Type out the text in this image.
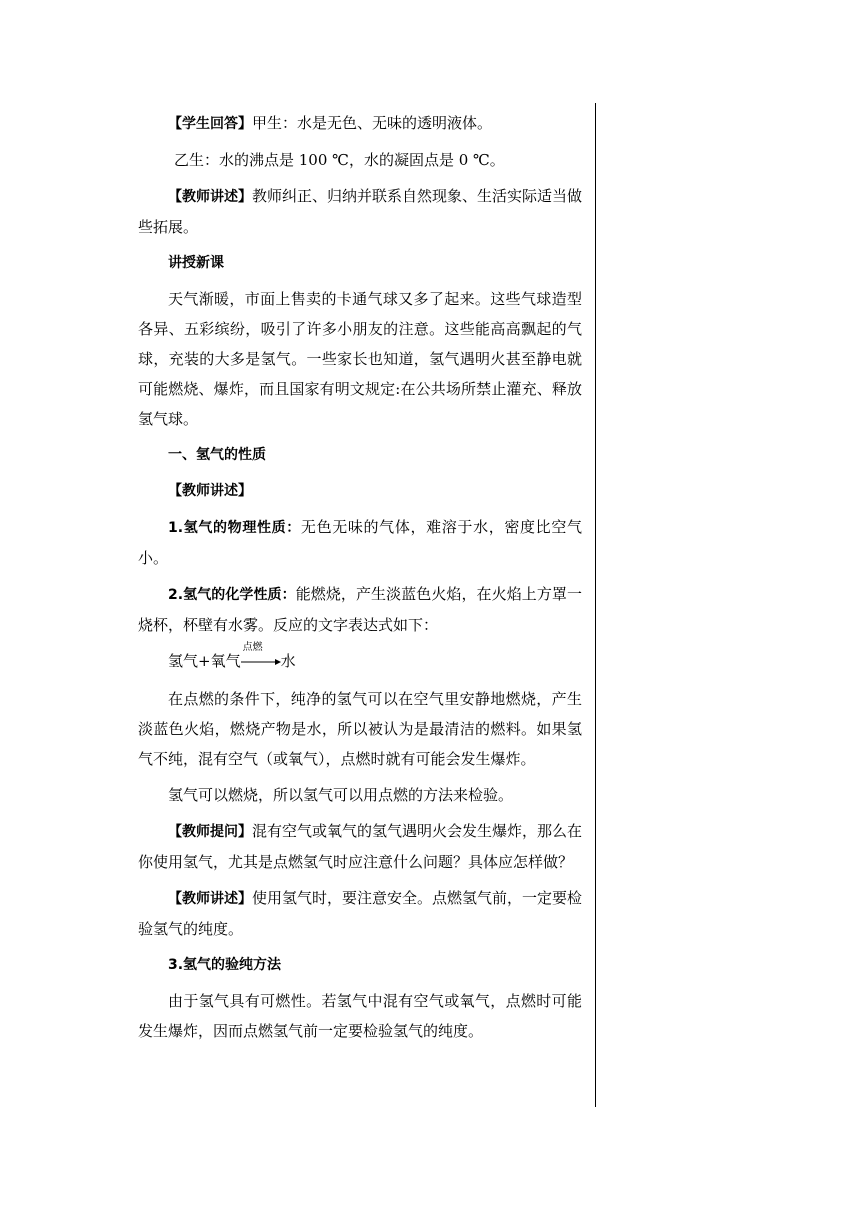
【学生回答】甲生：水是无色、无味的透明液体。

乙生：水的沸点是 100 ℃，水的凝固点是 0 ℃。

【教师讲述】教师纠正、归纳并联系自然现象、生活实际适当做些拓展。

讲授新课

天气渐暖，市面上售卖的卡通气球又多了起来。这些气球造型各异、五彩缤纷，吸引了许多小朋友的注意。这些能高高飘起的气球，充装的大多是氢气。一些家长也知道，氢气遇明火甚至静电就可能燃烧、爆炸，而且国家有明文规定:在公共场所禁止灌充、释放氢气球。

一、氢气的性质

【教师讲述】

1.氢气的物理性质：无色无味的气体，难溶于水，密度比空气小。

2.氢气的化学性质：能燃烧，产生淡蓝色火焰，在火焰上方罩一烧杯，杯壁有水雾。反应的文字表达式如下：

氢气+氧气
点燃
水

在点燃的条件下，纯净的氢气可以在空气里安静地燃烧，产生淡蓝色火焰，燃烧产物是水，所以被认为是最清洁的燃料。如果氢气不纯，混有空气（或氧气），点燃时就有可能会发生爆炸。

氢气可以燃烧，所以氢气可以用点燃的方法来检验。

【教师提问】混有空气或氧气的氢气遇明火会发生爆炸，那么在你使用氢气，尤其是点燃氢气时应注意什么问题？具体应怎样做？

【教师讲述】使用氢气时，要注意安全。点燃氢气前，一定要检验氢气的纯度。

3.氢气的验纯方法

由于氢气具有可燃性。若氢气中混有空气或氧气，点燃时可能发生爆炸，因而点燃氢气前一定要检验氢气的纯度。
